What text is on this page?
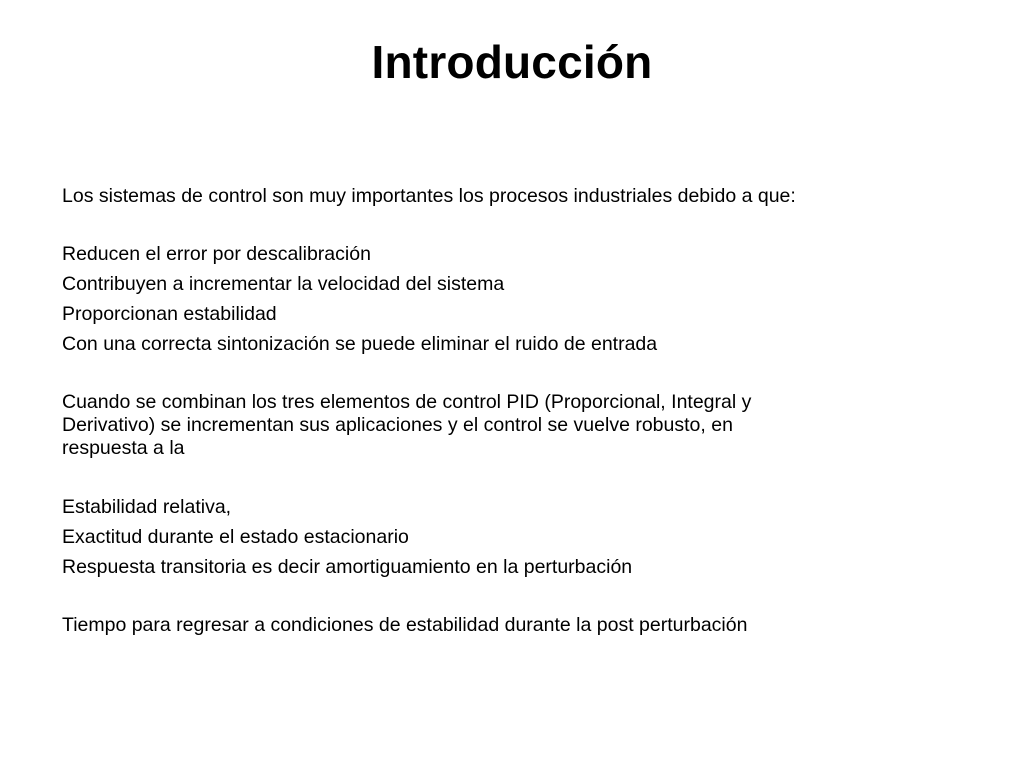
Introducción

Los sistemas de control son muy importantes los procesos industriales debido a que:

Reducen el error por descalibración

Contribuyen a incrementar la velocidad del sistema

Proporcionan estabilidad

Con una correcta sintonización se puede eliminar el ruido de entrada

Cuando se combinan los tres elementos de control PID (Proporcional, Integral y
Derivativo) se incrementan sus aplicaciones y el control se vuelve robusto, en
respuesta a la

Estabilidad relativa,

Exactitud durante el estado estacionario

Respuesta transitoria es decir amortiguamiento en la perturbación

Tiempo para regresar a condiciones de estabilidad durante la post perturbación
